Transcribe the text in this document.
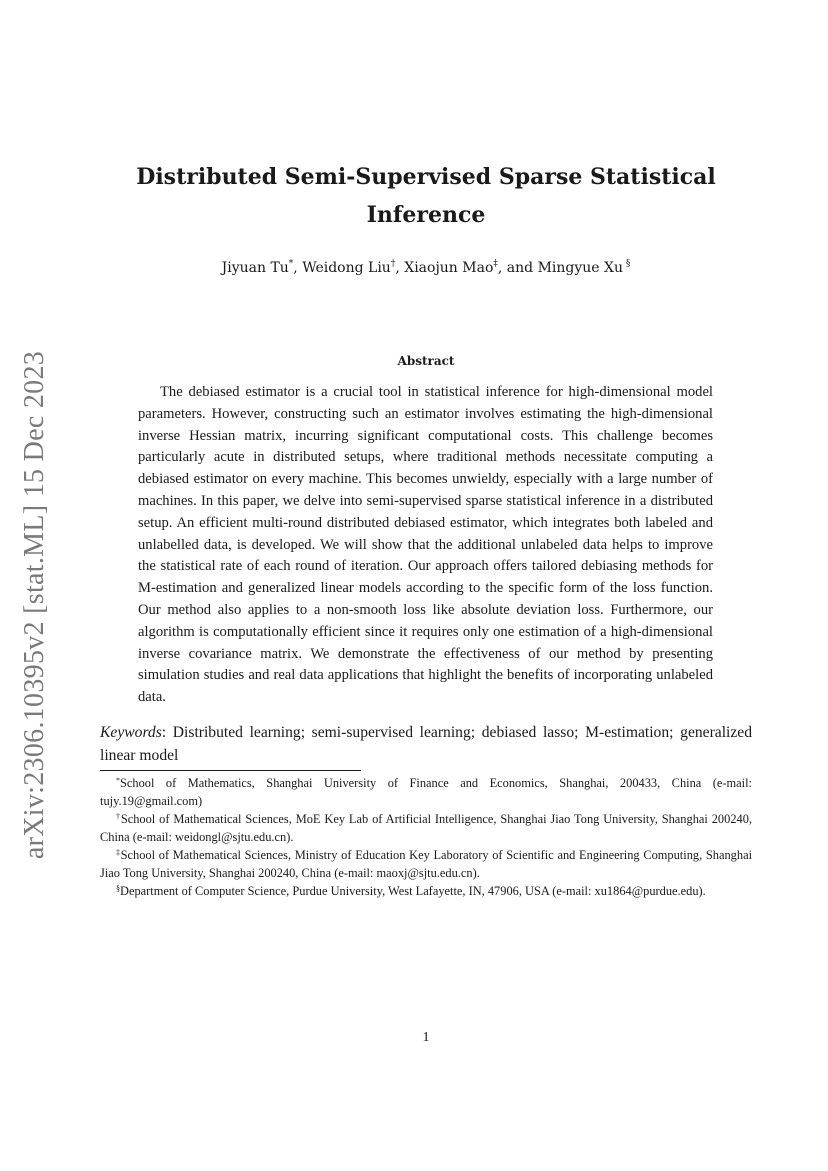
arXiv:2306.10395v2 [stat.ML] 15 Dec 2023
Distributed Semi-Supervised Sparse Statistical Inference
Jiyuan Tu*, Weidong Liu†, Xiaojun Mao‡, and Mingyue Xu §
Abstract

The debiased estimator is a crucial tool in statistical inference for high-dimensional model parameters. However, constructing such an estimator involves estimating the high-dimensional inverse Hessian matrix, incurring significant computational costs. This challenge becomes particularly acute in distributed setups, where traditional methods necessitate computing a debiased estimator on every machine. This becomes unwieldy, especially with a large number of machines. In this paper, we delve into semi-supervised sparse statistical inference in a distributed setup. An efficient multi-round distributed debiased estimator, which integrates both labeled and unlabelled data, is developed. We will show that the additional unlabeled data helps to improve the statistical rate of each round of iteration. Our approach offers tailored debiasing methods for M-estimation and generalized linear models according to the specific form of the loss function. Our method also applies to a non-smooth loss like absolute deviation loss. Furthermore, our algorithm is computationally efficient since it requires only one estimation of a high-dimensional inverse covariance matrix. We demonstrate the effectiveness of our method by presenting simulation studies and real data applications that highlight the benefits of incorporating unlabeled data.

Keywords: Distributed learning; semi-supervised learning; debiased lasso; M-estimation; generalized linear model

*School of Mathematics, Shanghai University of Finance and Economics, Shanghai, 200433, China (e-mail: tujy.19@gmail.com)

†School of Mathematical Sciences, MoE Key Lab of Artificial Intelligence, Shanghai Jiao Tong University, Shanghai 200240, China (e-mail: weidongl@sjtu.edu.cn).

‡School of Mathematical Sciences, Ministry of Education Key Laboratory of Scientific and Engineering Computing, Shanghai Jiao Tong University, Shanghai 200240, China (e-mail: maoxj@sjtu.edu.cn).

§Department of Computer Science, Purdue University, West Lafayette, IN, 47906, USA (e-mail: xu1864@purdue.edu).

1
